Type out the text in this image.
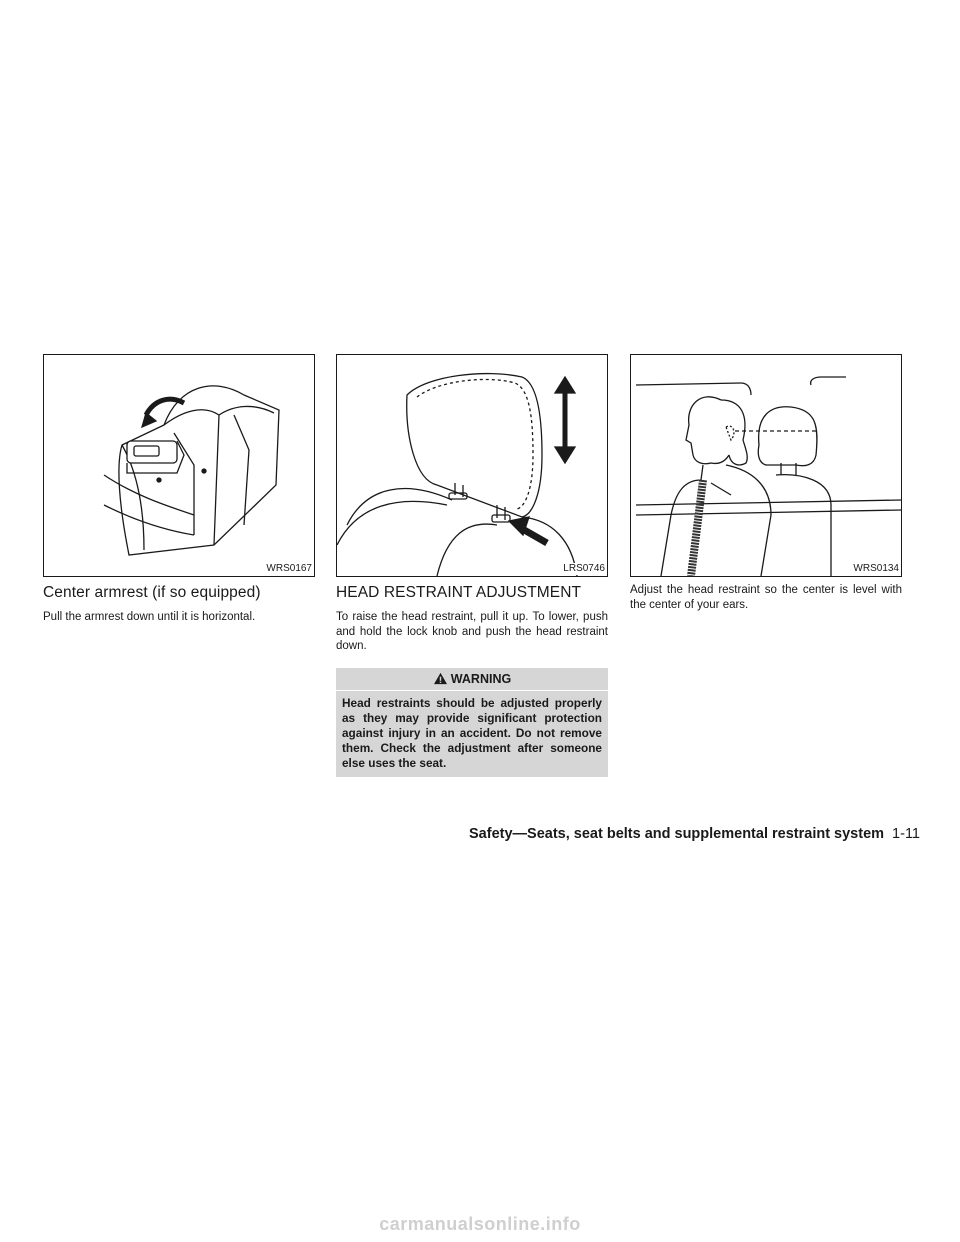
WRS0167
Center armrest (if so equipped)

Pull the armrest down until it is horizontal.

LRS0746
HEAD RESTRAINT ADJUSTMENT

To raise the head restraint, pull it up. To lower, push and hold the lock knob and push the head restraint down.

WARNING

Head restraints should be adjusted properly as they may provide significant protection against injury in an accident. Do not remove them. Check the adjustment after someone else uses the seat.

WRS0134

Adjust the head restraint so the center is level with the center of your ears.

Safety—Seats, seat belts and supplemental restraint system 1-11
carmanualsonline.info
